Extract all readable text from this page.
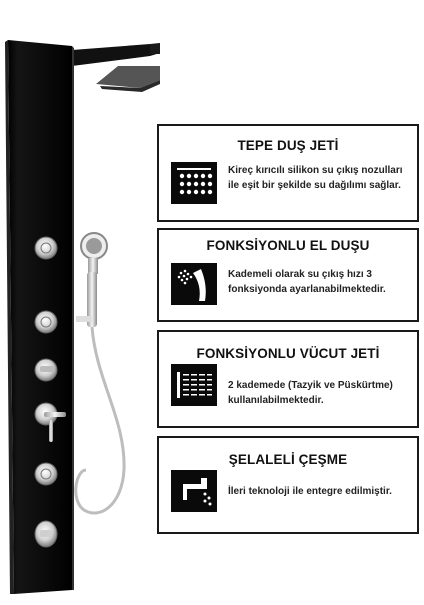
TEPE DUŞ JETİ
Kireç kırıcılı silikon su çıkış nozulları ile eşit bir şekilde su dağılımı sağlar.
FONKSİYONLU EL DUŞU
Kademeli olarak su çıkış hızı 3 fonksiyonda ayarlanabilmektedir.
FONKSİYONLU VÜCUT JETİ
2 kademede (Tazyik ve Püskürtme) kullanılabilmektedir.
ŞELALELİ ÇEŞME
İleri teknoloji ile entegre edilmiştir.
